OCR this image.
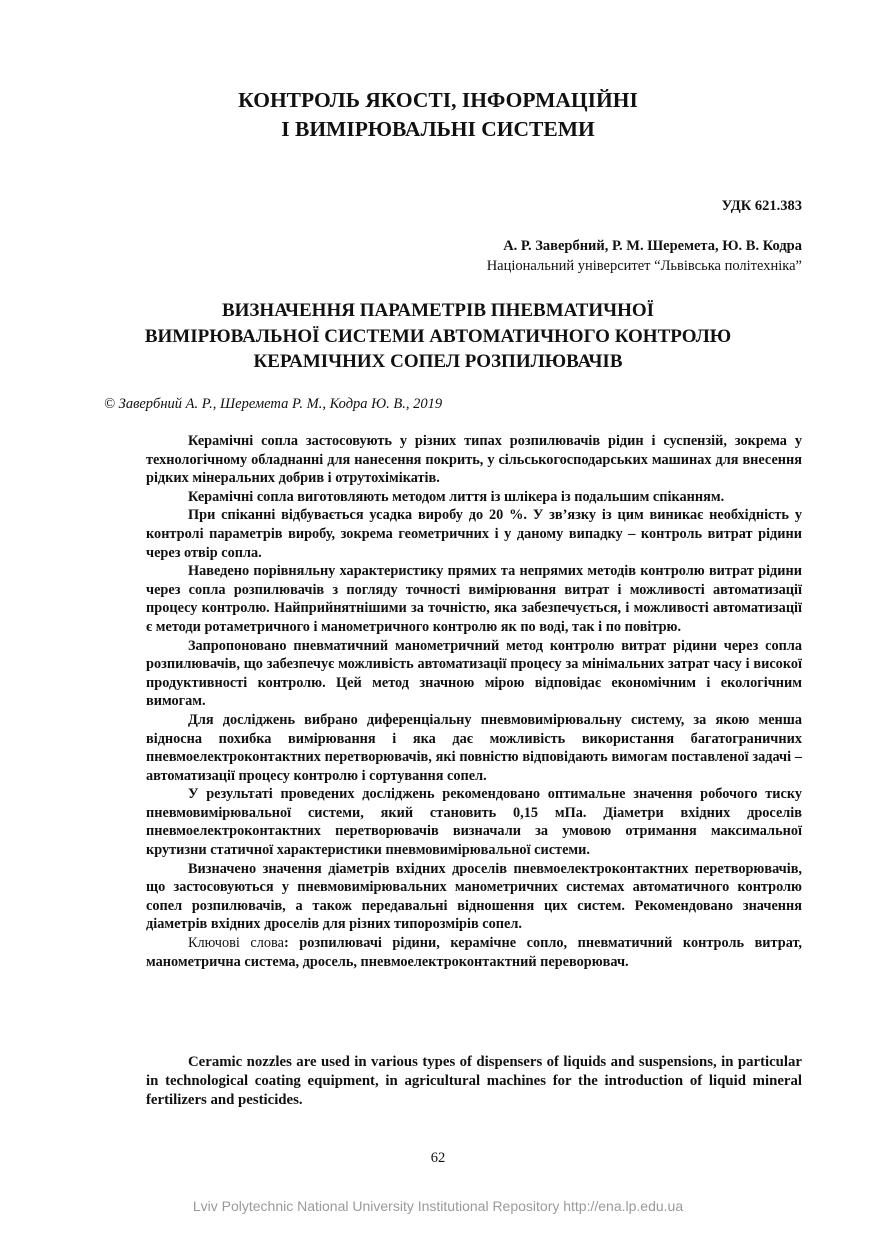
КОНТРОЛЬ ЯКОСТІ, ІНФОРМАЦІЙНІ
І ВИМІРЮВАЛЬНІ СИСТЕМИ
УДК 621.383
А. Р. Завербний, Р. М. Шеремета, Ю. В. Кодра
Національний університет “Львівська політехніка”
ВИЗНАЧЕННЯ ПАРАМЕТРІВ ПНЕВМАТИЧНОЇ
ВИМІРЮВАЛЬНОЇ СИСТЕМИ АВТОМАТИЧНОГО КОНТРОЛЮ
КЕРАМІЧНИХ СОПЕЛ РОЗПИЛЮВАЧІВ
© Завербний А. Р., Шеремета Р. М., Кодра Ю. В., 2019

Керамічні сопла застосовують у різних типах розпилювачів рідин і суспензій, зокрема у технологічному обладнанні для нанесення покрить, у сільськогосподарських машинах для внесення рідких мінеральних добрив і отрутохімікатів.

Керамічні сопла виготовляють методом лиття із шлікера із подальшим спіканням.

При спіканні відбувається усадка виробу до 20 %. У зв’язку із цим виникає необхідність у контролі параметрів виробу, зокрема геометричних і у даному випадку – контроль витрат рідини через отвір сопла.

Наведено порівняльну характеристику прямих та непрямих методів контролю витрат рідини через сопла розпилювачів з погляду точності вимірювання витрат і можливості автоматизації процесу контролю. Найприйнятнішими за точністю, яка забезпечується, і можливості автоматизації є методи ротаметричного і манометричного контролю як по воді, так і по повітрю.

Запропоновано пневматичний манометричний метод контролю витрат рідини через сопла розпилювачів, що забезпечує можливість автоматизації процесу за мінімальних затрат часу і високої продуктивності контролю. Цей метод значною мірою відповідає економічним і екологічним вимогам.

Для досліджень вибрано диференціальну пневмовимірювальну систему, за якою менша відносна похибка вимірювання і яка дає можливість використання багатограничних пневмоелектроконтактних перетворювачів, які повністю відповідають вимогам поставленої задачі – автоматизації процесу контролю і сортування сопел.

У результаті проведених досліджень рекомендовано оптимальне значення робочого тиску пневмовимірювальної системи, який становить 0,15 мПа. Діаметри вхідних дроселів пневмоелектроконтактних перетворювачів визначали за умовою отримання максимальної крутизни статичної характеристики пневмовимірювальної системи.

Визначено значення діаметрів вхідних дроселів пневмоелектроконтактних перетворювачів, що застосовуються у пневмовимірювальних манометричних системах автоматичного контролю сопел розпилювачів, а також передавальні відношення цих систем. Рекомендовано значення діаметрів вхідних дроселів для різних типорозмірів сопел.

Ключові слова: розпилювачі рідини, керамічне сопло, пневматичний контроль витрат, манометрична система, дросель, пневмоелектроконтактний переворювач.

Ceramic nozzles are used in various types of dispensers of liquids and suspensions, in particular in technological coating equipment, in agricultural machines for the introduction of liquid mineral fertilizers and pesticides.

62
Lviv Polytechnic National University Institutional Repository http://ena.lp.edu.ua
